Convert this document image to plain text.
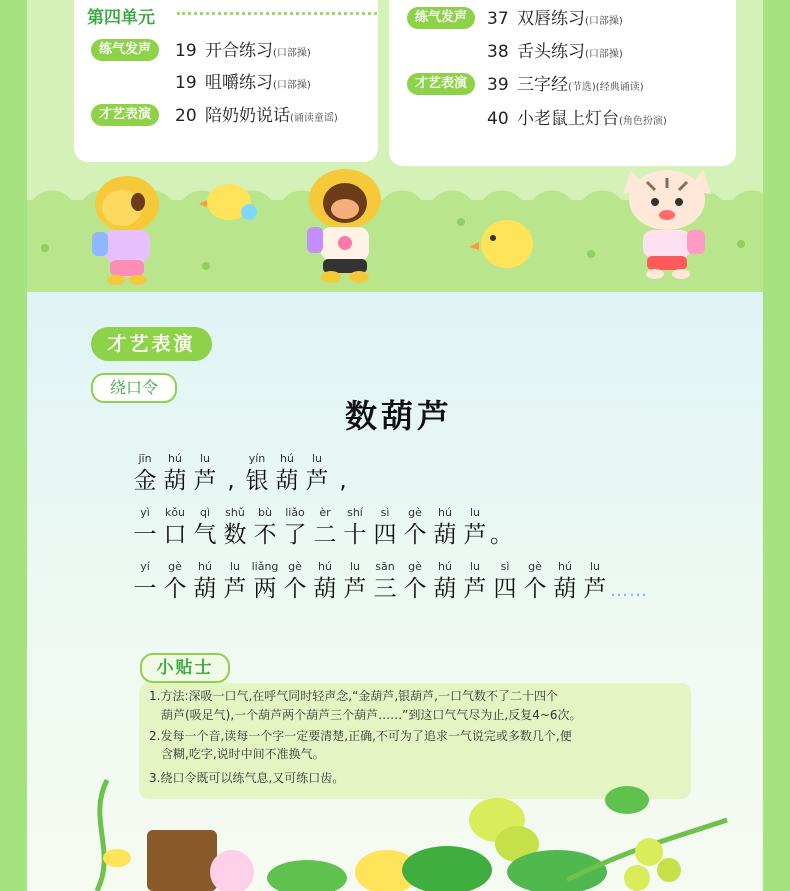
第四单元
练气发声	19 开合练习(口部操)
19 咀嚼练习(口部操)
才艺表演	20 陪奶奶说话(诵读童谣)
练气发声	37 双唇练习(口部操)
38 舌头练习(口部操)
才艺表演	39 三字经(节选)(经典诵读)
40 小老鼠上灯台(角色扮演)
才艺表演
绕口令
数葫芦
jīn
金
hú
葫
lu
芦 ,
yín
银
hú
葫
lu
芦 ,
yì
一
kǒu
口
qì
气
shǔ
数
bù
不
liǎo
了
èr
二
shí
十
sì
四
gè
个
hú
葫
lu
芦 。
yí
一
gè
个
hú
葫
lu
芦
liǎng
两
gè
个
hú
葫
lu
芦
sān
三
gè
个
hú
葫
lu
芦
sì
四
gè
个
hú
葫
lu
芦 ……
小贴士
1.方法:深吸一口气,在呼气同时轻声念,“金葫芦,银葫芦,一口气数不了二十四个
葫芦(吸足气),一个葫芦两个葫芦三个葫芦……”到这口气气尽为止,反复4~6次。
2.发每一个音,读每一个字一定要清楚,正确,不可为了追求一气说完或多数几个,便
含糊,吃字,说时中间不准换气。
3.绕口令既可以练气息,又可练口齿。
